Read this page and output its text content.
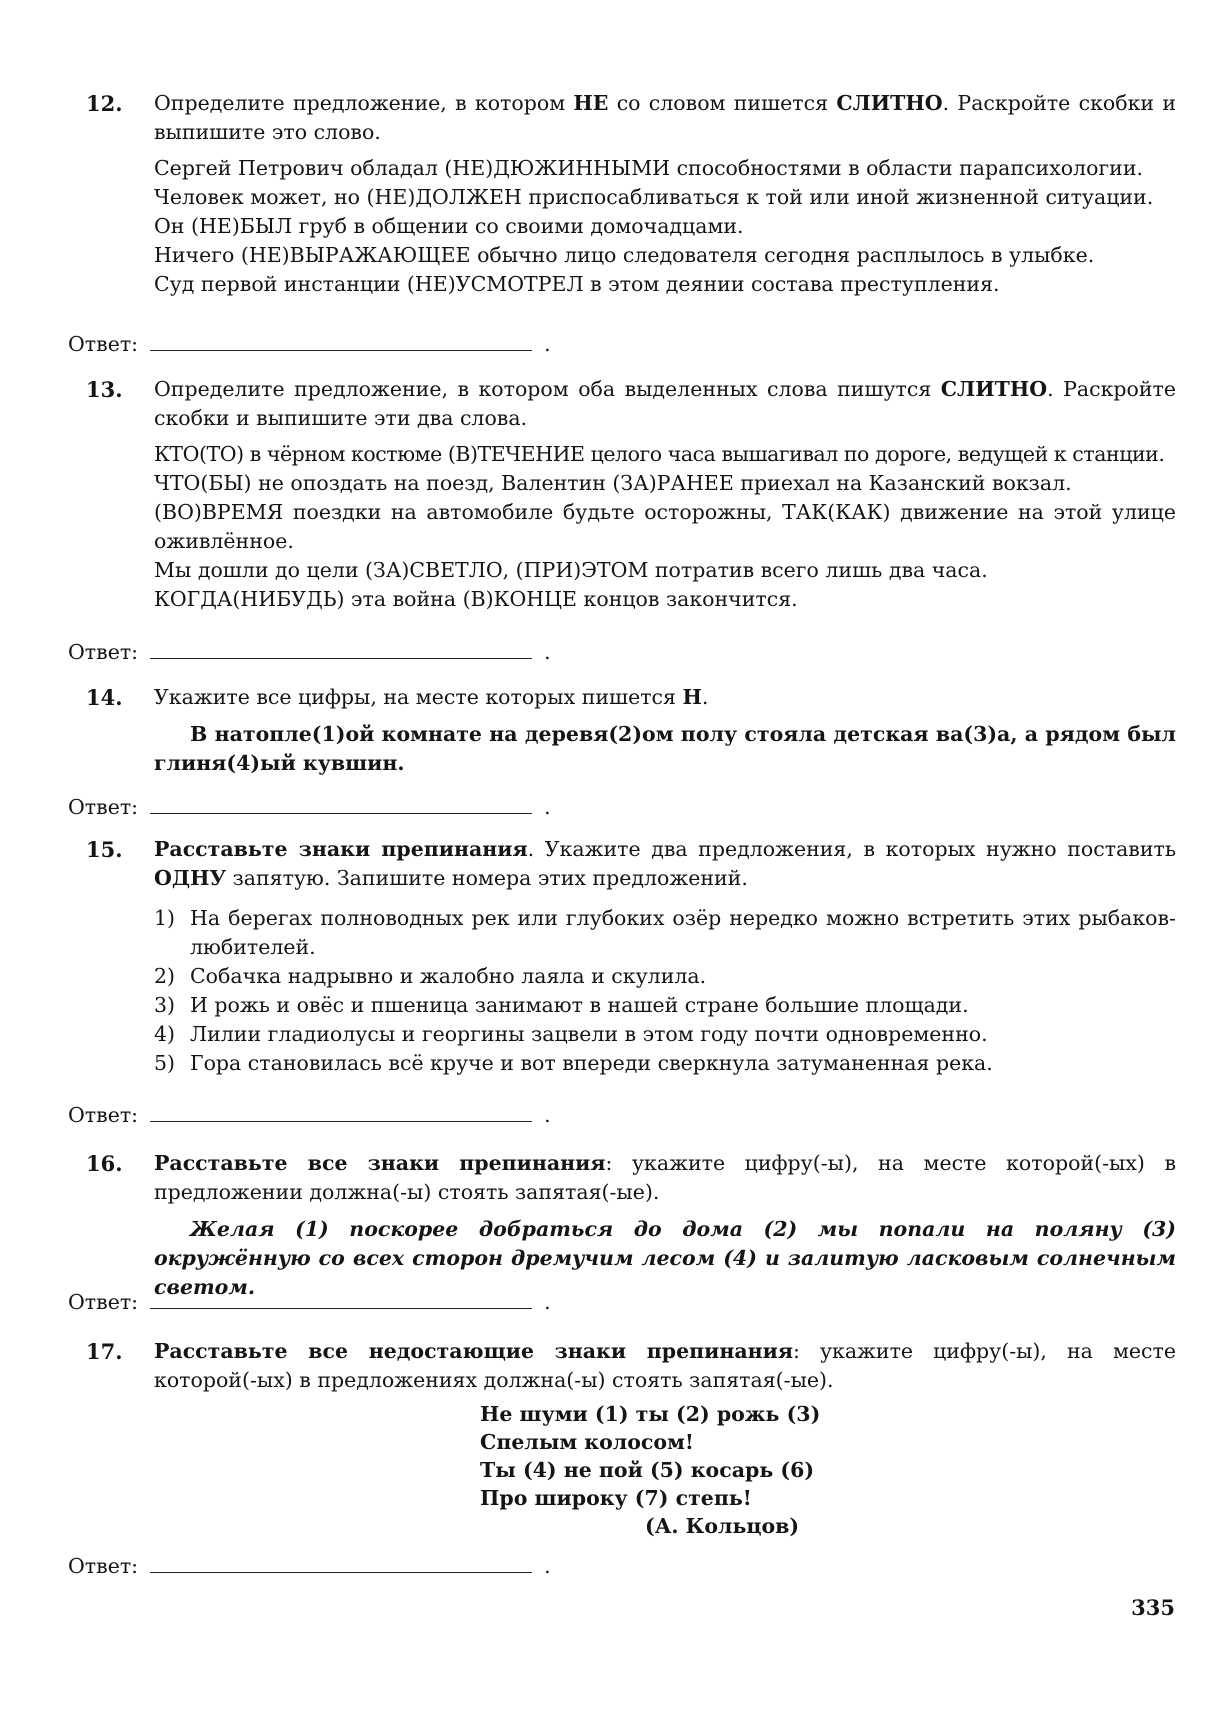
12. Определите предложение, в котором НЕ со словом пишется СЛИТНО. Раскройте скобки и выпишите это слово.

Сергей Петрович обладал (НЕ)ДЮЖИННЫМИ способностями в области парапсихологии.

Человек может, но (НЕ)ДОЛЖЕН приспосабливаться к той или иной жизненной ситуации.

Он (НЕ)БЫЛ груб в общении со своими домочадцами.

Ничего (НЕ)ВЫРАЖАЮЩЕЕ обычно лицо следователя сегодня расплылось в улыбке.

Суд первой инстанции (НЕ)УСМОТРЕЛ в этом деянии состава преступления.

Ответ:	.
13. Определите предложение, в котором оба выделенных слова пишутся СЛИТНО. Раскройте скобки и выпишите эти два слова.

КТО(ТО) в чёрном костюме (В)ТЕЧЕНИЕ целого часа вышагивал по дороге, ведущей к станции.

ЧТО(БЫ) не опоздать на поезд, Валентин (ЗА)РАНЕЕ приехал на Казанский вокзал.

(ВО)ВРЕМЯ поездки на автомобиле будьте осторожны, ТАК(КАК) движение на этой улице оживлённое.

Мы дошли до цели (ЗА)СВЕТЛО, (ПРИ)ЭТОМ потратив всего лишь два часа.

КОГДА(НИБУДЬ) эта война (В)КОНЦЕ концов закончится.

Ответ:	.
14. Укажите все цифры, на месте которых пишется Н.

В натопле(1)ой комнате на деревя(2)ом полу стояла детская ва(3)а, а рядом был глиня(4)ый кувшин.

Ответ:	.
15. Расставьте знаки препинания. Укажите два предложения, в которых нужно поставить ОДНУ запятую. Запишите номера этих предложений.

1) На берегах полноводных рек или глубоких озёр нередко можно встретить этих рыбаков-любителей.
2) Собачка надрывно и жалобно лаяла и скулила.
3) И рожь и овёс и пшеница занимают в нашей стране большие площади.
4) Лилии гладиолусы и георгины зацвели в этом году почти одновременно.
5) Гора становилась всё круче и вот впереди сверкнула затуманенная река.
Ответ:	.
16. Расставьте все знаки препинания: укажите цифру(-ы), на месте которой(-ых) в предложении должна(-ы) стоять запятая(-ые).

Желая (1) поскорее добраться до дома (2) мы попали на поляну (3) окружённую со всех сторон дремучим лесом (4) и залитую ласковым солнечным светом.

Ответ:	.
17. Расставьте все недостающие знаки препинания: укажите цифру(-ы), на месте которой(-ых) в предложениях должна(-ы) стоять запятая(-ые).

Не шуми (1) ты (2) рожь (3)
Спелым колосом!
Ты (4) не пой (5) косарь (6)
Про широку (7) степь!
(А. Кольцов)
Ответ:	.
335
